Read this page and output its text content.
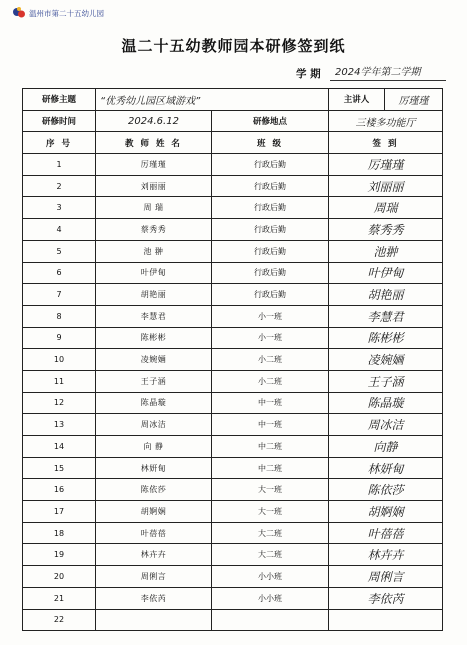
温州市第二十五幼儿园
温二十五幼教师园本研修签到纸
学 期 2024学年第二学期
研修主题	“优秀幼儿园区域游戏”		主讲人	厉瑾瑾
研修时间	2024.6.12	研修地点	三楼多功能厅	
序 号	教 师 姓 名	班 级	签 到	
1	厉瑾瑾	行政后勤	厉瑾瑾	
2	刘丽丽	行政后勤	刘丽丽	
3	周 瑞	行政后勤	周瑞	
4	蔡秀秀	行政后勤	蔡秀秀	
5	池 翀	行政后勤	池翀	
6	叶伊甸	行政后勤	叶伊甸	
7	胡艳丽	行政后勤	胡艳丽	
8	李慧君	小一班	李慧君	
9	陈彬彬	小一班	陈彬彬	
10	凌婉婳	小二班	凌婉婳	
11	王子涵	小二班	王子涵	
12	陈晶璇	中一班	陈晶璇	
13	周冰洁	中一班	周冰洁	
14	向 静	中二班	向静	
15	林妍甸	中二班	林妍甸	
16	陈依莎	大一班	陈依莎	
17	胡婀娴	大一班	胡婀娴	
18	叶蓓蓓	大二班	叶蓓蓓	
19	林卉卉	大二班	林卉卉	
20	周俐言	小小班	周俐言	
21	李依芮	小小班	李依芮	
22				
